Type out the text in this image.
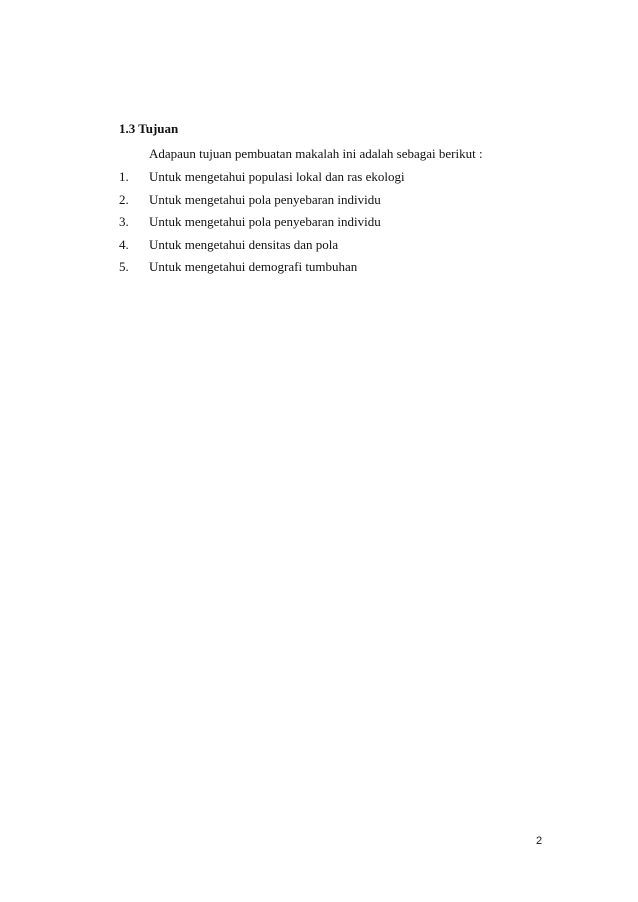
1.3 Tujuan
Adapaun tujuan pembuatan makalah ini adalah sebagai berikut :
1. Untuk mengetahui populasi lokal dan ras ekologi
2. Untuk mengetahui pola penyebaran individu
3. Untuk mengetahui pola penyebaran individu
4. Untuk mengetahui densitas dan pola
5. Untuk mengetahui demografi tumbuhan
2
